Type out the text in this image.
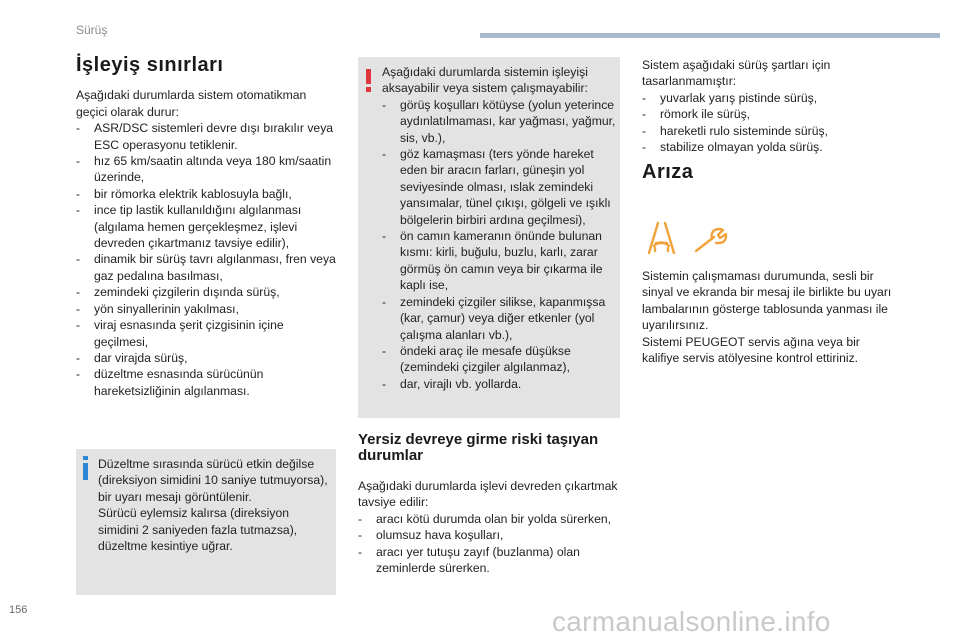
Sürüş
İşleyiş sınırları

Aşağıdaki durumlarda sistem otomatikman geçici olarak durur:

- ASR/DSC sistemleri devre dışı bırakılır veya ESC operasyonu tetiklenir.
- hız 65 km/saatin altında veya 180 km/saatin üzerinde,
- bir römorka elektrik kablosuyla bağlı,
- ince tip lastik kullanıldığını algılanması (algılama hemen gerçekleşmez, işlevi devreden çıkartmanız tavsiye edilir),
- dinamik bir sürüş tavrı algılanması, fren veya gaz pedalına basılması,
- zemindeki çizgilerin dışında sürüş,
- yön sinyallerinin yakılması,
- viraj esnasında şerit çizgisinin içine geçilmesi,
- dar virajda sürüş,
- düzeltme esnasında sürücünün hareketsizliğinin algılanması.

Düzeltme sırasında sürücü etkin değilse (direksiyon simidini 10 saniye tutmuyorsa), bir uyarı mesajı görüntülenir.

Sürücü eylemsiz kalırsa (direksiyon simidini 2 saniyeden fazla tutmazsa), düzeltme kesintiye uğrar.

Aşağıdaki durumlarda sistemin işleyişi aksayabilir veya sistem çalışmayabilir:

- görüş koşulları kötüyse (yolun yeterince aydınlatılmaması, kar yağması, yağmur, sis, vb.),
- göz kamaşması (ters yönde hareket eden bir aracın farları, güneşin yol seviyesinde olması, ıslak zemindeki yansımalar, tünel çıkışı, gölgeli ve ışıklı bölgelerin birbiri ardına geçilmesi),
- ön camın kameranın önünde bulunan kısmı: kirli, buğulu, buzlu, karlı, zarar görmüş ön camın veya bir çıkarma ile kaplı ise,
- zemindeki çizgiler silikse, kapanmışsa (kar, çamur) veya diğer etkenler (yol çalışma alanları vb.),
- öndeki araç ile mesafe düşükse (zemindeki çizgiler algılanmaz),
- dar, virajlı vb. yollarda.
Yersiz devreye girme riski taşıyan durumlar

Aşağıdaki durumlarda işlevi devreden çıkartmak tavsiye edilir:

- aracı kötü durumda olan bir yolda sürerken,
- olumsuz hava koşulları,
- aracı yer tutuşu zayıf (buzlanma) olan zeminlerde sürerken.

Sistem aşağıdaki sürüş şartları için tasarlanmamıştır:

- yuvarlak yarış pistinde sürüş,
- römork ile sürüş,
- hareketli rulo sisteminde sürüş,
- stabilize olmayan yolda sürüş.
Arıza

Sistemin çalışmaması durumunda, sesli bir sinyal ve ekranda bir mesaj ile birlikte bu uyarı lambalarının gösterge tablosunda yanması ile uyarılırsınız.

Sistemi PEUGEOT servis ağına veya bir kalifiye servis atölyesine kontrol ettiriniz.

156	carmanualsonline.info
